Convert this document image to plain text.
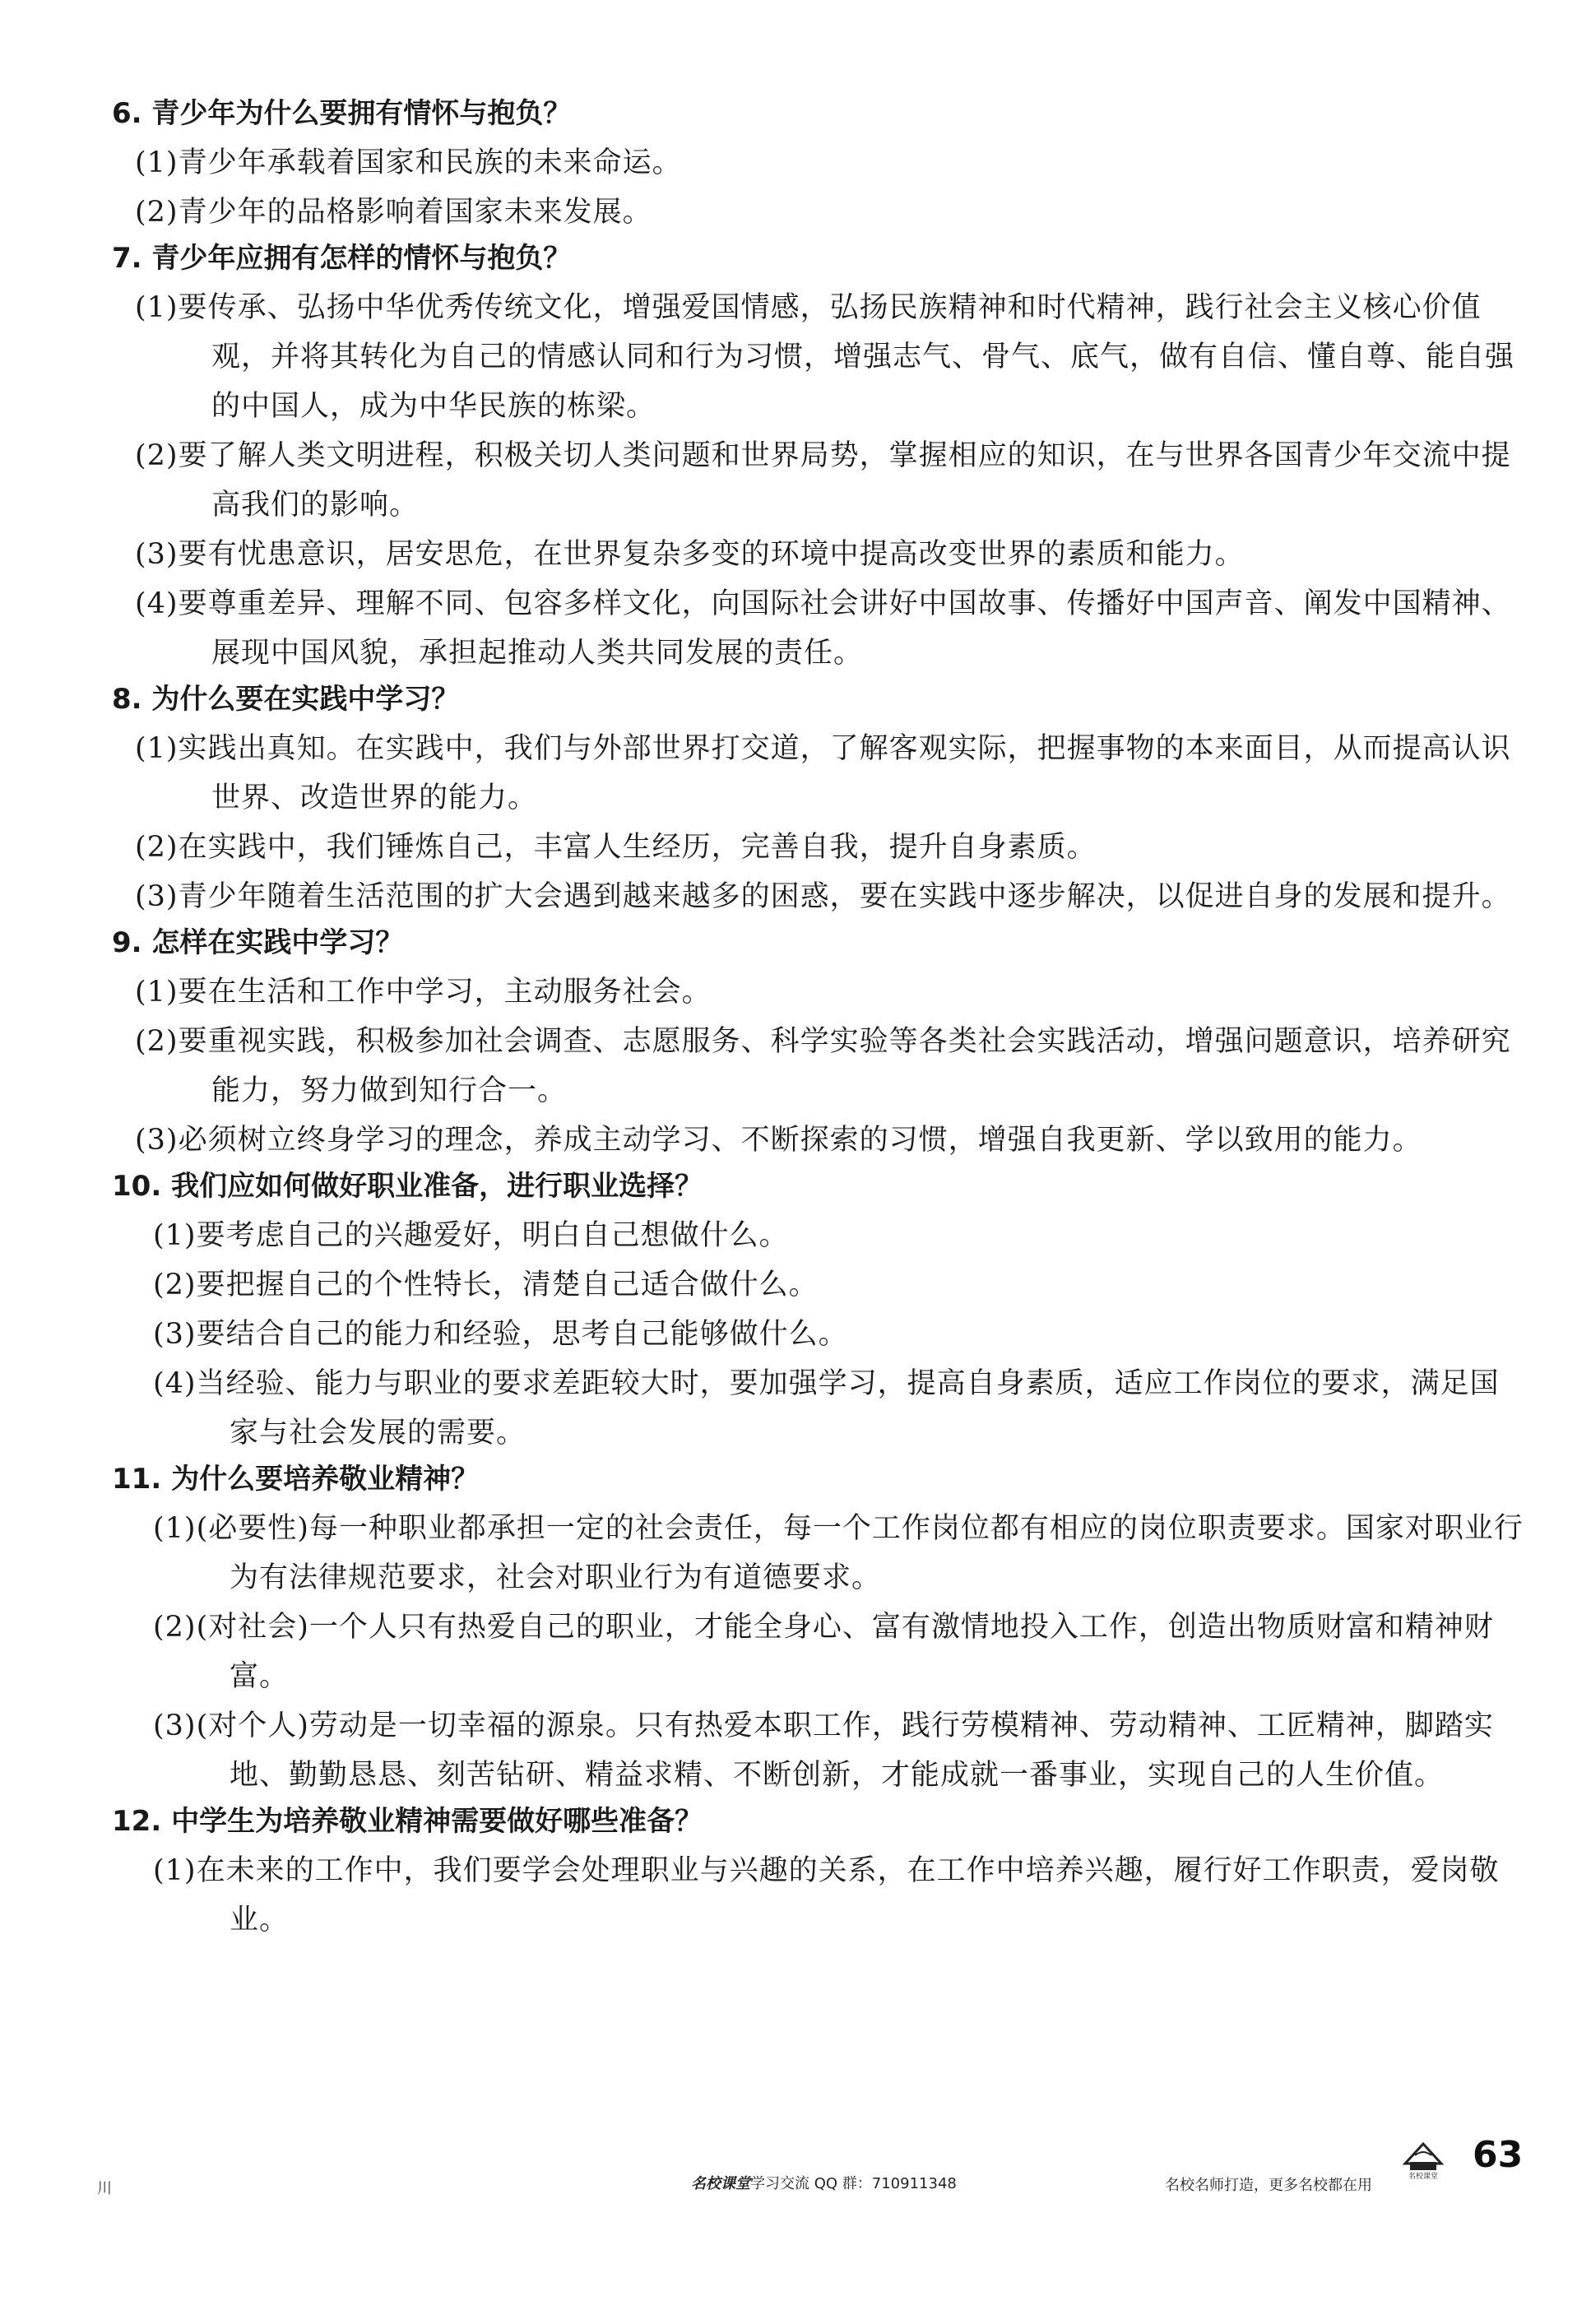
6. 青少年为什么要拥有情怀与抱负？
(1)青少年承载着国家和民族的未来命运。
(2)青少年的品格影响着国家未来发展。
7. 青少年应拥有怎样的情怀与抱负？
(1)要传承、弘扬中华优秀传统文化，增强爱国情感，弘扬民族精神和时代精神，践行社会主义核心价值观，并将其转化为自己的情感认同和行为习惯，增强志气、骨气、底气，做有自信、懂自尊、能自强的中国人，成为中华民族的栋梁。
(2)要了解人类文明进程，积极关切人类问题和世界局势，掌握相应的知识，在与世界各国青少年交流中提高我们的影响。
(3)要有忧患意识，居安思危，在世界复杂多变的环境中提高改变世界的素质和能力。
(4)要尊重差异、理解不同、包容多样文化，向国际社会讲好中国故事、传播好中国声音、阐发中国精神、展现中国风貌，承担起推动人类共同发展的责任。
8. 为什么要在实践中学习？
(1)实践出真知。在实践中，我们与外部世界打交道，了解客观实际，把握事物的本来面目，从而提高认识世界、改造世界的能力。
(2)在实践中，我们锤炼自己，丰富人生经历，完善自我，提升自身素质。
(3)青少年随着生活范围的扩大会遇到越来越多的困惑，要在实践中逐步解决，以促进自身的发展和提升。
9. 怎样在实践中学习？
(1)要在生活和工作中学习，主动服务社会。
(2)要重视实践，积极参加社会调查、志愿服务、科学实验等各类社会实践活动，增强问题意识，培养研究能力，努力做到知行合一。
(3)必须树立终身学习的理念，养成主动学习、不断探索的习惯，增强自我更新、学以致用的能力。
10. 我们应如何做好职业准备，进行职业选择？
(1)要考虑自己的兴趣爱好，明白自己想做什么。
(2)要把握自己的个性特长，清楚自己适合做什么。
(3)要结合自己的能力和经验，思考自己能够做什么。
(4)当经验、能力与职业的要求差距较大时，要加强学习，提高自身素质，适应工作岗位的要求，满足国家与社会发展的需要。
11. 为什么要培养敬业精神？
(1)(必要性)每一种职业都承担一定的社会责任，每一个工作岗位都有相应的岗位职责要求。国家对职业行为有法律规范要求，社会对职业行为有道德要求。
(2)(对社会)一个人只有热爱自己的职业，才能全身心、富有激情地投入工作，创造出物质财富和精神财富。
(3)(对个人)劳动是一切幸福的源泉。只有热爱本职工作，践行劳模精神、劳动精神、工匠精神，脚踏实地、勤勤恳恳、刻苦钻研、精益求精、不断创新，才能成就一番事业，实现自己的人生价值。
12. 中学生为培养敬业精神需要做好哪些准备？
(1)在未来的工作中，我们要学会处理职业与兴趣的关系，在工作中培养兴趣，履行好工作职责，爱岗敬业。
川	名校课堂学习交流 QQ 群：710911348	名校名师打造，更多名校都在用	名校课堂
63
